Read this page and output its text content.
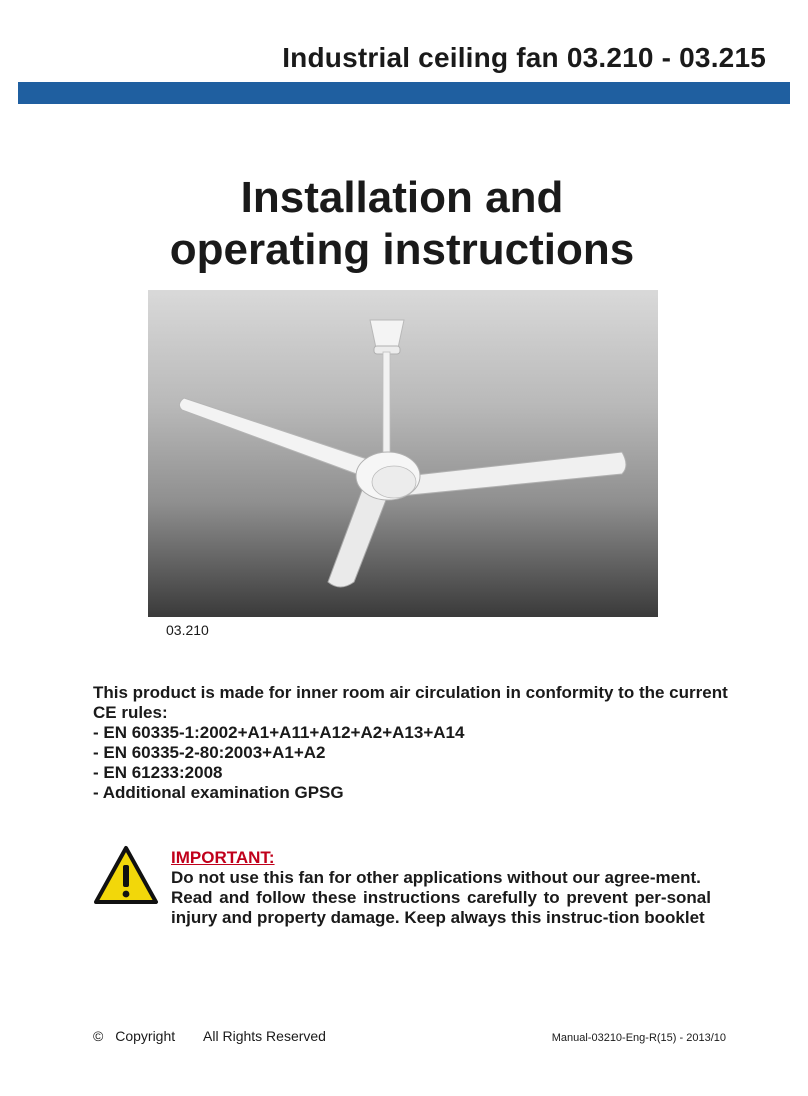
Industrial ceiling fan 03.210 - 03.215
Installation and
operating instructions

03.210

This product is made for inner room air circulation in conformity to the current CE rules:

- EN 60335-1:2002+A1+A11+A12+A2+A13+A14

- EN 60335-2-80:2003+A1+A2

- EN 61233:2008

- Additional examination GPSG

IMPORTANT:

Do not use this fan for other applications without our agree-ment.

Read and follow these instructions carefully to prevent per-sonal injury and property damage. Keep always this instruc-tion booklet

© Copyright All Rights Reserved	Manual-03210-Eng-R(15) - 2013/10
